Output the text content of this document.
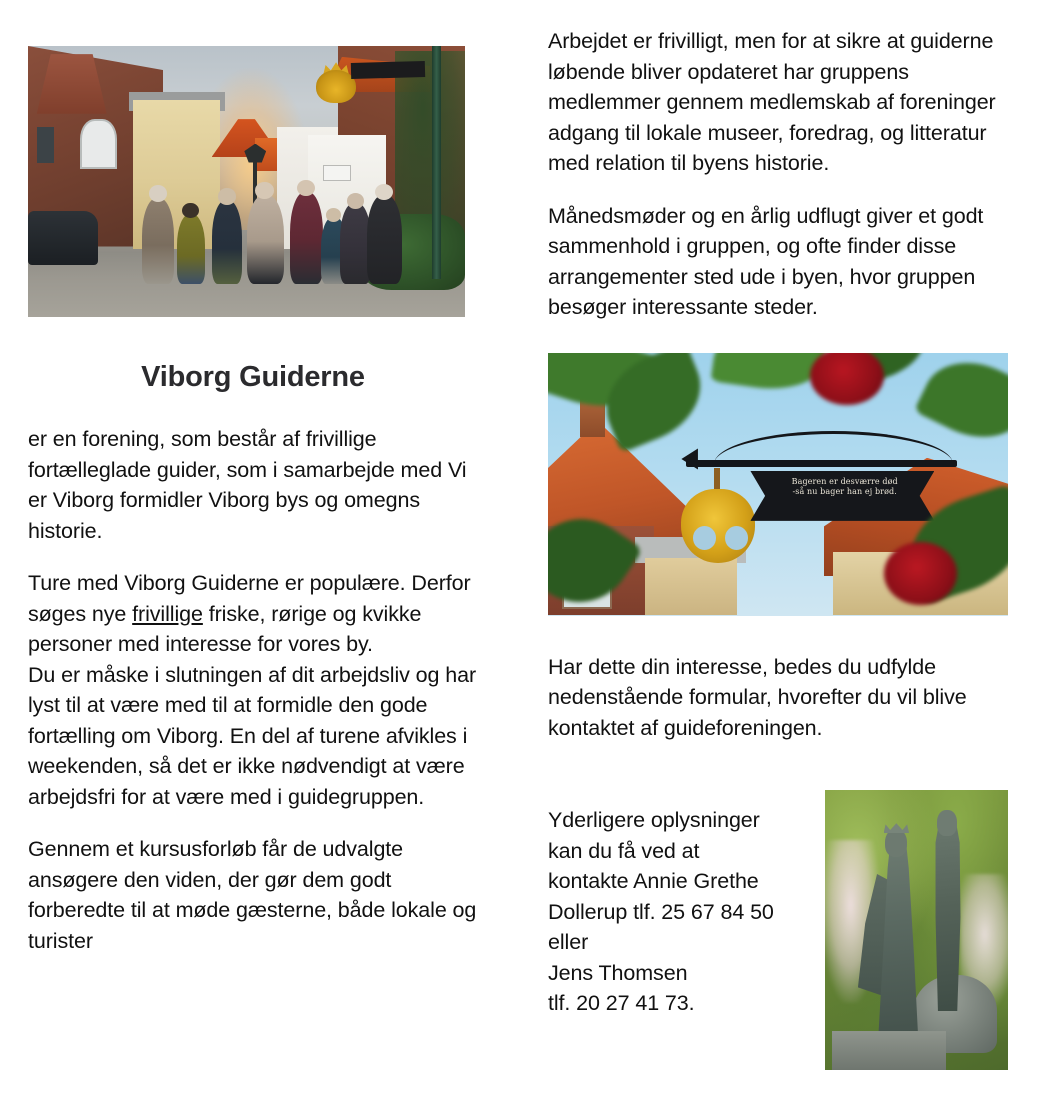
Viborg Guiderne

er en forening, som består af frivillige fortælleglade guider, som i samarbejde med Vi er Viborg formidler Viborg bys og omegns historie.

Ture med Viborg Guiderne er populære. Derfor søges nye frivillige friske, rørige og kvikke personer med interesse for vores by.

Du er måske i slutningen af dit arbejdsliv og har lyst til at være med til at formidle den gode fortælling om Viborg. En del af turene afvikles i weekenden, så det er ikke nødvendigt at være arbejdsfri for at være med i guidegruppen.

Gennem et kursusforløb får de udvalgte ansøgere den viden, der gør dem godt forberedte til at møde gæsterne, både lokale og turister

Arbejdet er frivilligt, men for at sikre at guiderne løbende bliver opdateret har gruppens medlemmer gennem medlemskab af foreninger adgang til lokale museer, foredrag, og litteratur med relation til byens historie.

Månedsmøder og en årlig udflugt giver et godt sammenhold i gruppen, og ofte finder disse arrangementer sted ude i byen, hvor gruppen besøger interessante steder.

Bageren er desværre død
-så nu bager han ej brød.

Har dette din interesse, bedes du udfylde nedenstående formular, hvorefter du vil blive kontaktet af guideforeningen.

Yderligere oplysninger

kan du få ved at

kontakte Annie Grethe

Dollerup tlf. 25 67 84 50

eller

Jens Thomsen

tlf. 20 27 41 73.
